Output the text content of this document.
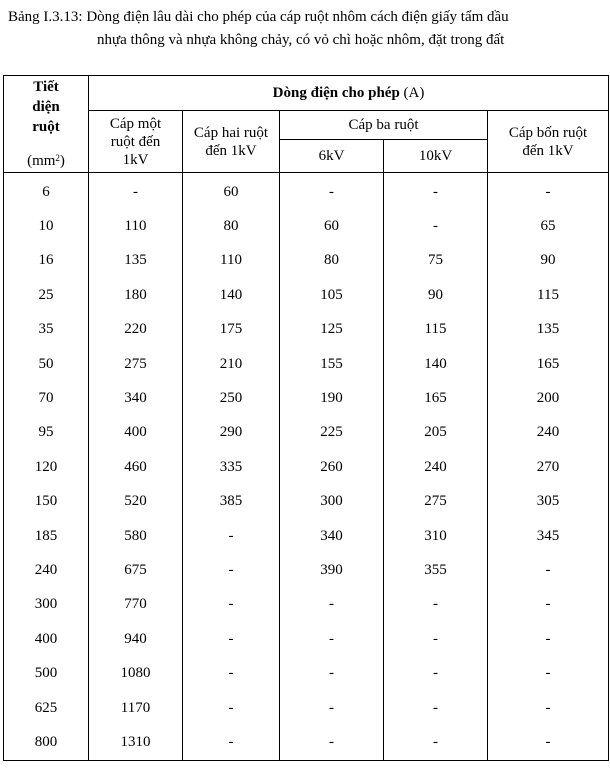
Bảng I.3.13: Dòng điện lâu dài cho phép của cáp ruột nhôm cách điện giấy tẩm dầu
nhựa thông và nhựa không chảy, có vỏ chì hoặc nhôm, đặt trong đất
Tiết diện ruột
$(mm^2)$	Dòng điện cho phép (A)				

	Cáp một ruột đến 1kV	Cáp hai ruột đến 1kV	Cáp ba ruột		Cáp bốn ruột đến 1kV

			6kV	10kV	
6	-	60	-	-	-
10	110	80	60	-	65
16	135	110	80	75	90
25	180	140	105	90	115
35	220	175	125	115	135
50	275	210	155	140	165
70	340	250	190	165	200
95	400	290	225	205	240
120	460	335	260	240	270
150	520	385	300	275	305
185	580	-	340	310	345
240	675	-	390	355	-
300	770	-	-	-	-
400	940	-	-	-	-
500	1080	-	-	-	-
625	1170	-	-	-	-
800	1310	-	-	-	-
